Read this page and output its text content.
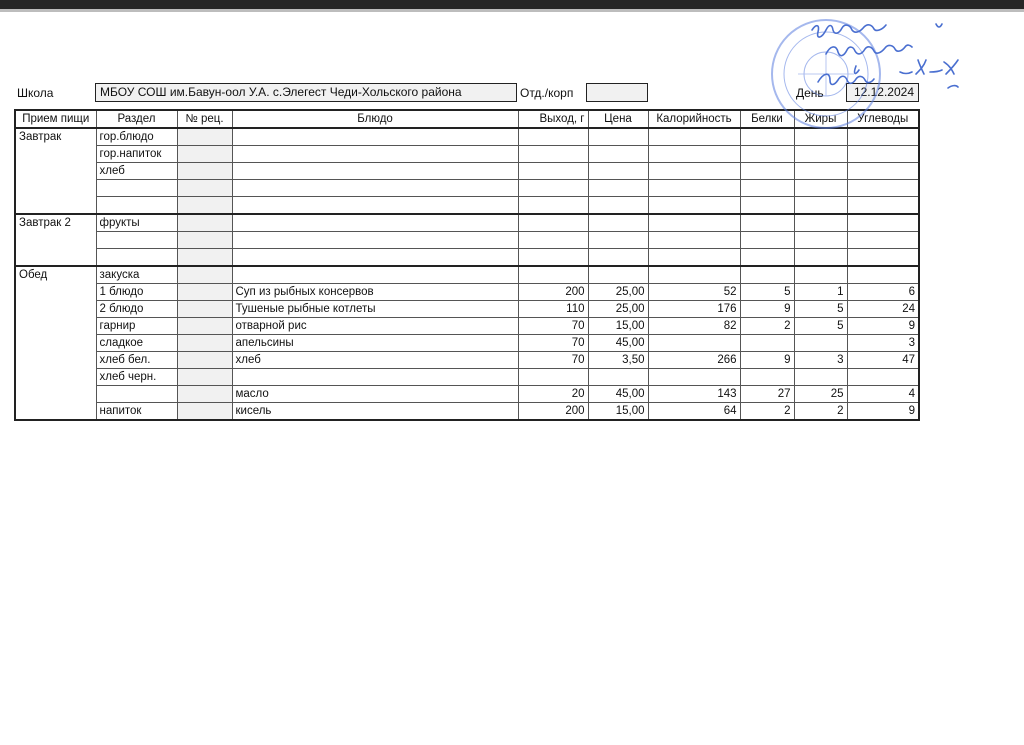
Школа	МБОУ СОШ им.Бавун-оол У.А. с.Элегест Чеди-Хольского района	Отд./корп	День	12.12.2024
Прием пищи	Раздел	№ рец.	Блюдо	Выход, г	Цена	Калорийность	Белки	Жиры	Углеводы
Завтрак	гор.блюдо								
	гор.напиток								
	хлеб								

Завтрак 2	фрукты								

Обед	закуска								
	1 блюдо		Суп из рыбных консервов	200	25,00	52	5	1	6
	2 блюдо		Тушеные рыбные котлеты	110	25,00	176	9	5	24
	гарнир		отварной рис	70	15,00	82	2	5	9
	сладкое		апельсины	70	45,00				3
	хлеб бел.		хлеб	70	3,50	266	9	3	47
	хлеб черн.								
			масло	20	45,00	143	27	25	4
	напиток		кисель	200	15,00	64	2	2	9
